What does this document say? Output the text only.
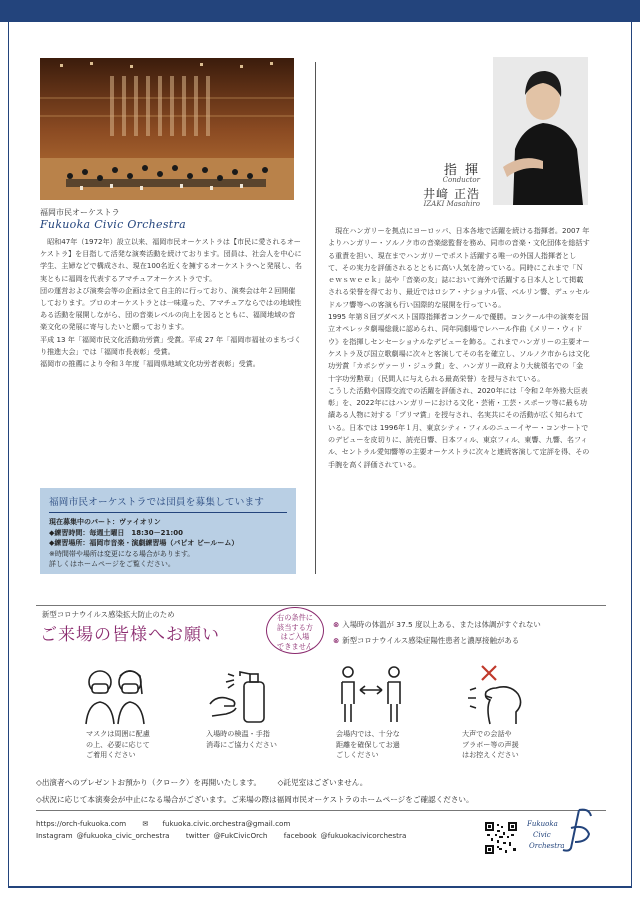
福岡市民オーケストラ
Fukuoka Civic Orchestra

　昭和47年（1972年）設立以来、福岡市民オーケストラは【市民に愛されるオーケストラ】を目指して活発な演奏活動を続けております。団員は、社会人を中心に学生、主婦などで構成され、現在100名近くを擁するオーケストラへと発展し、名実ともに福岡を代表するアマチュアオーケストラです。

団の運営および演奏会等の企画は全て自主的に行っており、演奏会は年２回開催しております。プロのオーケストラとは一味違った、アマチュアならではの地域性ある活動を展開しながら、団の音楽レベルの向上を図るとともに、福岡地域の音楽文化の発展に寄与したいと願っております。

平成 13 年「福岡市民文化活動功労賞」受賞。平成 27 年「福岡市福祉のまちづくり推進大会」では「福岡市長表彰」受賞。

福岡市の推薦により令和３年度「福岡県地域文化功労者表彰」受賞。

福岡市民オーケストラでは団員を募集しています
現在募集中のパート：ヴァイオリン
◆練習時間：毎週土曜日　18:30－21:00
◆練習場所：福岡市音楽・演劇練習場（パピオ ビールーム）
※時間帯や場所は変更になる場合があります。
詳しくはホームページをご覧ください。
指 揮
Conductor
井﨑 正浩
IZAKI Masahiro

　現在ハンガリーを拠点にヨーロッパ、日本各地で活躍を続ける指揮者。2007 年よりハンガリー・ソルノク市の音楽総監督を務め、同市の音楽・文化団体を総括する重責を担い、現在までハンガリーでポスト活躍する唯一の外国人指揮者として、その実力を評価されるとともに高い人気を誇っている。同時にこれまで「Ｎｅｗｓｗｅｅｋ」誌や「音楽の友」誌において海外で活躍する日本人として掲載される栄誉を得ており、最近ではロシア・ナショナル管、ベルリン響、デュッセルドルフ響等への客演も行い国際的な展開を行っている。

1995 年第８回ブダペスト国際指揮者コンクールで優勝。コンクール中の演奏を国立オペレッタ劇場総裁に認められ、同年同劇場でレハール作曲《メリー・ウィドウ》を指揮しセンセーショナルなデビューを飾る。これまでハンガリーの主要オーケストラ及び国立歌劇場に次々と客演してその名を確立し、ソルノク市からは文化功労賞「カポシヴァーリ・ジュラ賞」を、ハンガリー政府より大統領名での「金十字功労勲章」（民間人に与えられる最高栄誉）を授与されている。

こうした活動や国際交流での活躍を評価され、2020年には「令和２年外務大臣表彰」を、2022年にはハンガリーにおける文化・芸術・工芸・スポーツ等に最も功績ある人物に対する「プリマ賞」を授与され、名実共にその活動が広く知られている。日本では 1996年１月、東京シティ・フィルのニューイヤー・コンサートでのデビューを皮切りに、読売日響、日本フィル、東京フィル、東響、九響、名フィル、セントラル愛知響等の主要オーケストラに次々と連続客演して定評を得、その手腕を高く評価されている。

新型コロナウイルス感染拡大防止のため
ご来場の皆様へお願い
右の条件に
該当する方
はご入場
できません
⊗ 入場時の体温が 37.5 度以上ある、または体調がすぐれない
⊗ 新型コロナウイルス感染症陽性患者と濃厚接触がある
マスクは周囲に配慮
の上、必要に応じて
ご着用ください
入場時の検温・手指
消毒にご協力ください
会場内では、十分な
距離を確保してお過
ごしください
大声での会話や
ブラボー等の声援
はお控えください
◇出演者へのプレゼントお預かり（クローク）を再開いたします。 ◇託児室はございません。
◇状況に応じて本演奏会が中止になる場合がございます。ご来場の際は福岡市民オーケストラのホームページをご確認ください。
https://orch-fukuoka.com ✉ fukuoka.civic.orchestra@gmail.com
Instagram @fukuoka_civic_orchestra twitter @FukCivicOrch facebook @fukuokacivicorchestra
Fukuoka
Civic
Orchestra
